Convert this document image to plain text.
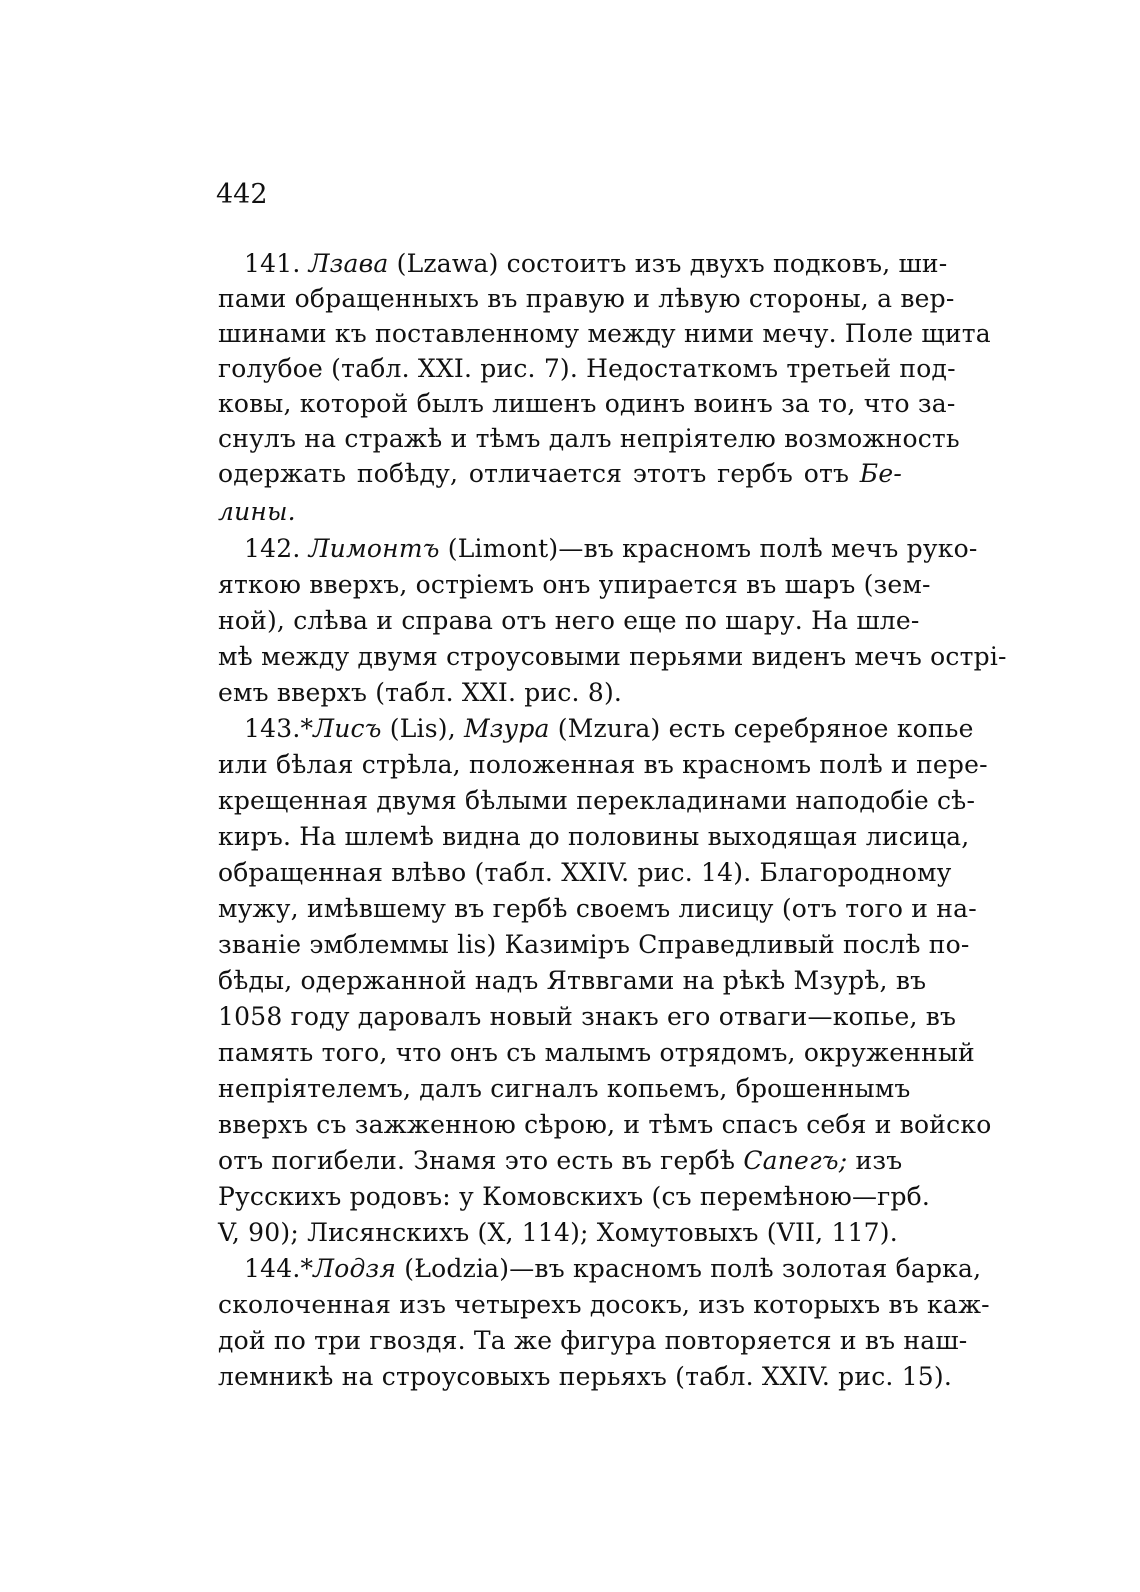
442
141. Лзава (Lzawa) состоитъ изъ двухъ подковъ, ши-
пами обращенныхъ въ правую и лѣвую стороны, а вер-
шинами къ поставленному между ними мечу. Поле щита
голубое (табл. XXI. рис. 7). Недостаткомъ третьей под-
ковы, которой былъ лишенъ одинъ воинъ за то, что за-
снулъ на стражѣ и тѣмъ далъ непріятелю возможность
одержать побѣду, отличается этотъ гербъ отъ Бе-
лины.
142. Лимонтъ (Limont)—въ красномъ полѣ мечъ руко-
яткою вверхъ, остріемъ онъ упирается въ шаръ (зем-
ной), слѣва и справа отъ него еще по шару. На шле-
мѣ между двумя строусовыми перьями виденъ мечъ острі-
емъ вверхъ (табл. XXI. рис. 8).
143.*Лисъ (Lis), Мзура (Mzura) есть серебряное копье
или бѣлая стрѣла, положенная въ красномъ полѣ и пере-
крещенная двумя бѣлыми перекладинами наподобіе сѣ-
киръ. На шлемѣ видна до половины выходящая лисица,
обращенная влѣво (табл. XXIV. рис. 14). Благородному
мужу, имѣвшему въ гербѣ своемъ лисицу (отъ того и на-
званіе эмблеммы lis) Казиміръ Справедливый послѣ по-
бѣды, одержанной надъ Ятввгами на рѣкѣ Мзурѣ, въ
1058 году даровалъ новый знакъ его отваги—копье, въ
память того, что онъ съ малымъ отрядомъ, окруженный
непріятелемъ, далъ сигналъ копьемъ, брошеннымъ
вверхъ съ зажженною сѣрою, и тѣмъ спасъ себя и войско
отъ погибели. Знамя это есть въ гербѣ Сапегъ; изъ
Русскихъ родовъ: у Комовскихъ (съ перемѣною—грб.
V, 90); Лисянскихъ (X, 114); Хомутовыхъ (VII, 117).
144.*Лодзя (Łodzia)—въ красномъ полѣ золотая барка,
сколоченная изъ четырехъ досокъ, изъ которыхъ въ каж-
дой по три гвоздя. Та же фигура повторяется и въ наш-
лемникѣ на строусовыхъ перьяхъ (табл. XXIV. рис. 15).
